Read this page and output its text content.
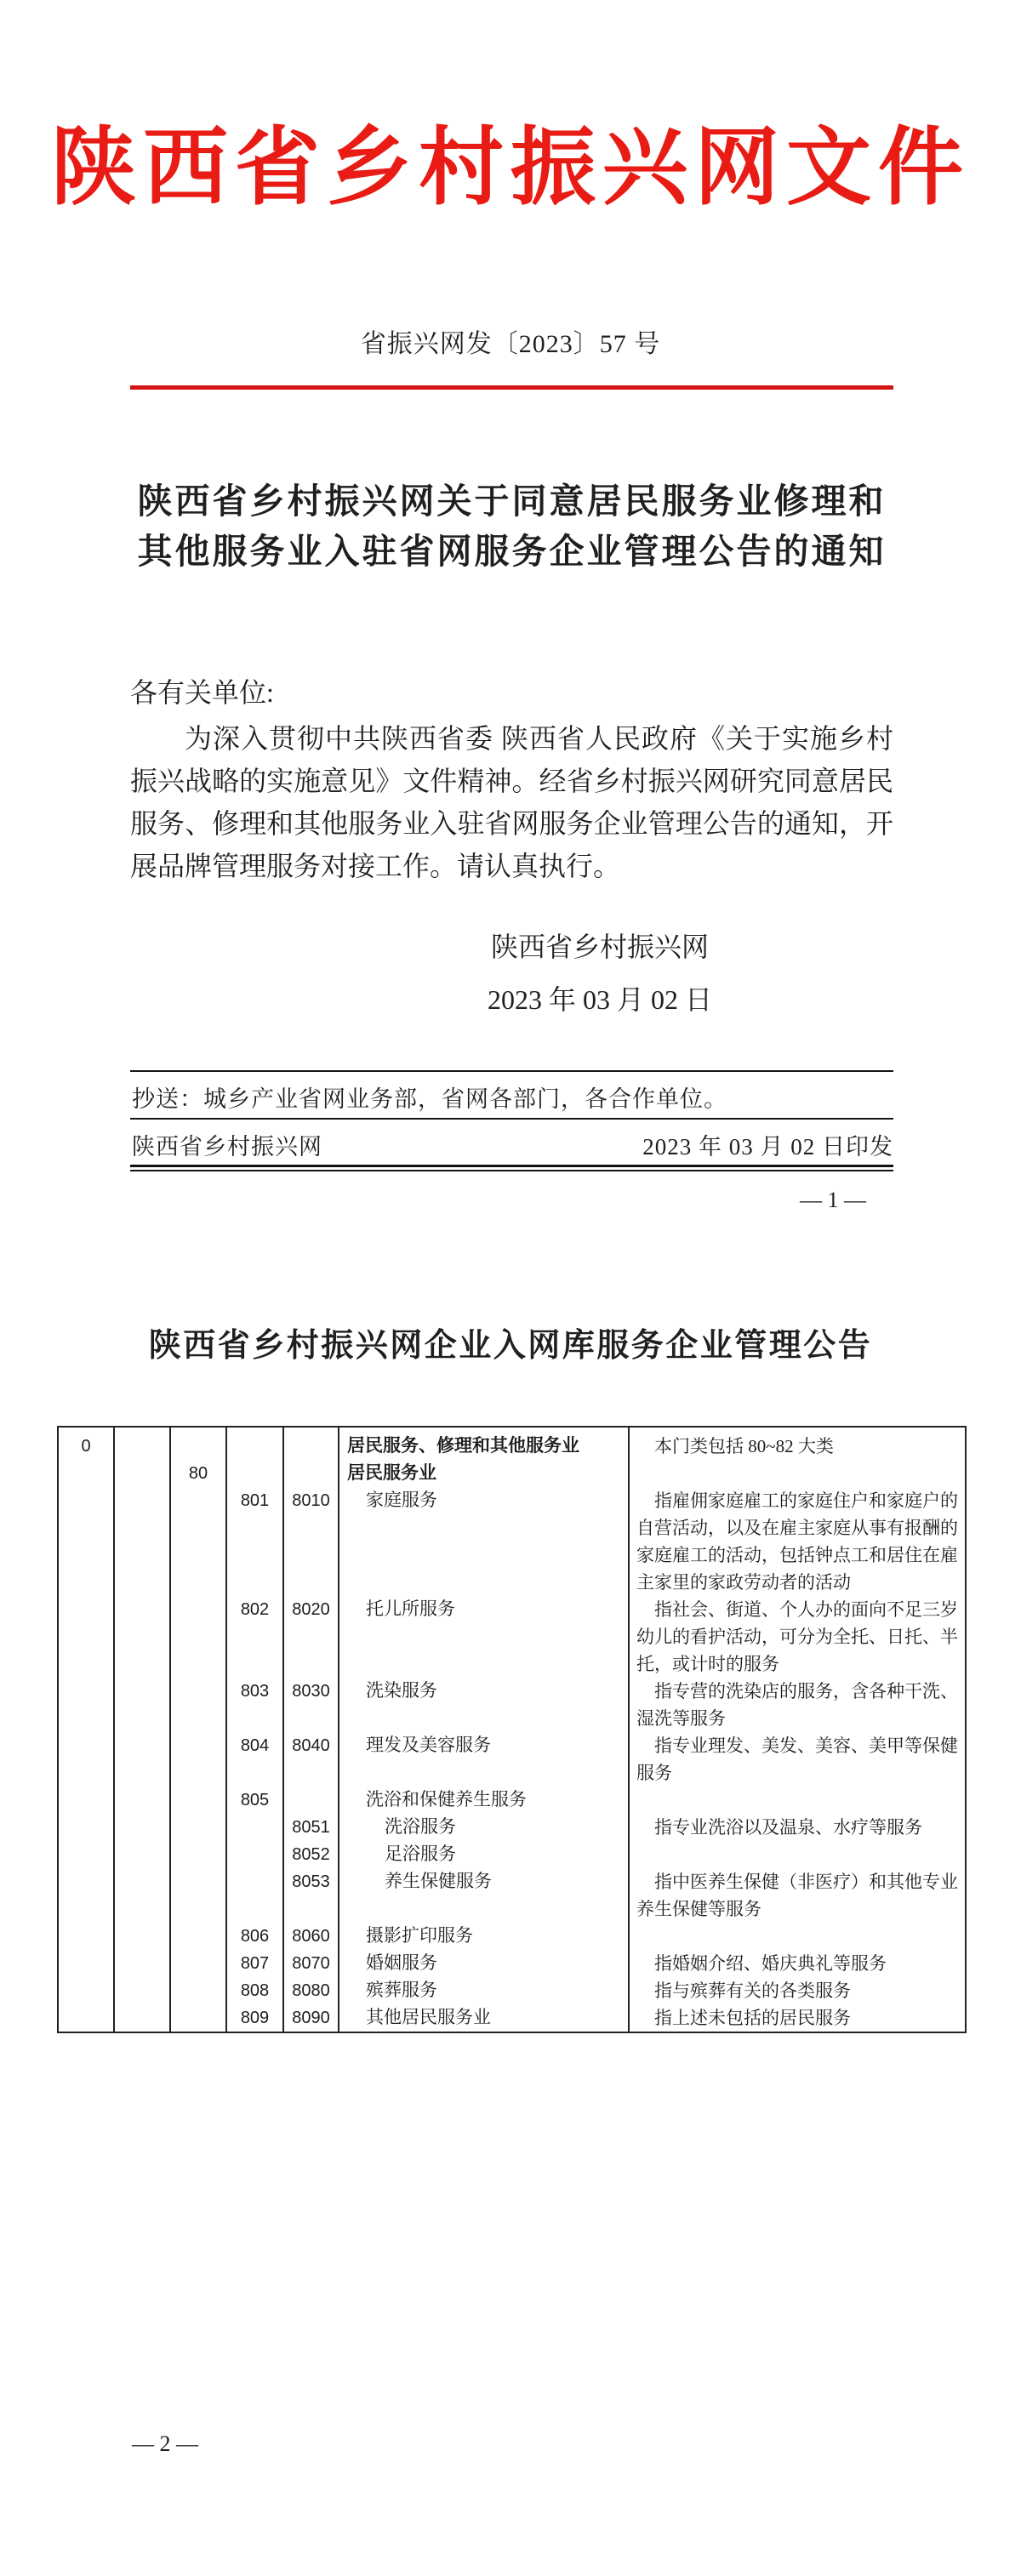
陕西省乡村振兴网文件
省振兴网发〔2023〕57 号
陕西省乡村振兴网关于同意居民服务业修理和
其他服务业入驻省网服务企业管理公告的通知
各有关单位:
为深入贯彻中共陕西省委 陕西省人民政府《关于实施乡村振兴战略的实施意见》文件精神。经省乡村振兴网研究同意居民服务、修理和其他服务业入驻省网服务企业管理公告的通知，开展品牌管理服务对接工作。请认真执行。
陕西省乡村振兴网
2023 年 03 月 02 日
抄送：城乡产业省网业务部，省网各部门，各合作单位。
陕西省乡村振兴网	2023 年 03 月 02 日印发
— 1 —
陕西省乡村振兴网企业入网库服务企业管理公告
0	居民服务、修理和其他服务业	本门类包括 80~82 大类
80	居民服务业
801	8010	家庭服务	指雇佣家庭雇工的家庭住户和家庭户的自营活动，以及在雇主家庭从事有报酬的家庭雇工的活动，包括钟点工和居住在雇主家里的家政劳动者的活动
802	8020	托儿所服务	指社会、街道、个人办的面向不足三岁幼儿的看护活动，可分为全托、日托、半托，或计时的服务
803	8030	洗染服务	指专营的洗染店的服务，含各种干洗、湿洗等服务
804	8040	理发及美容服务	指专业理发、美发、美容、美甲等保健服务
805	洗浴和保健养生服务
8051	洗浴服务	指专业洗浴以及温泉、水疗等服务
8052	足浴服务
8053	养生保健服务	指中医养生保健（非医疗）和其他专业养生保健等服务
806	8060	摄影扩印服务
807	8070	婚姻服务	指婚姻介绍、婚庆典礼等服务
808	8080	殡葬服务	指与殡葬有关的各类服务
809	8090	其他居民服务业	指上述未包括的居民服务
— 2 —
